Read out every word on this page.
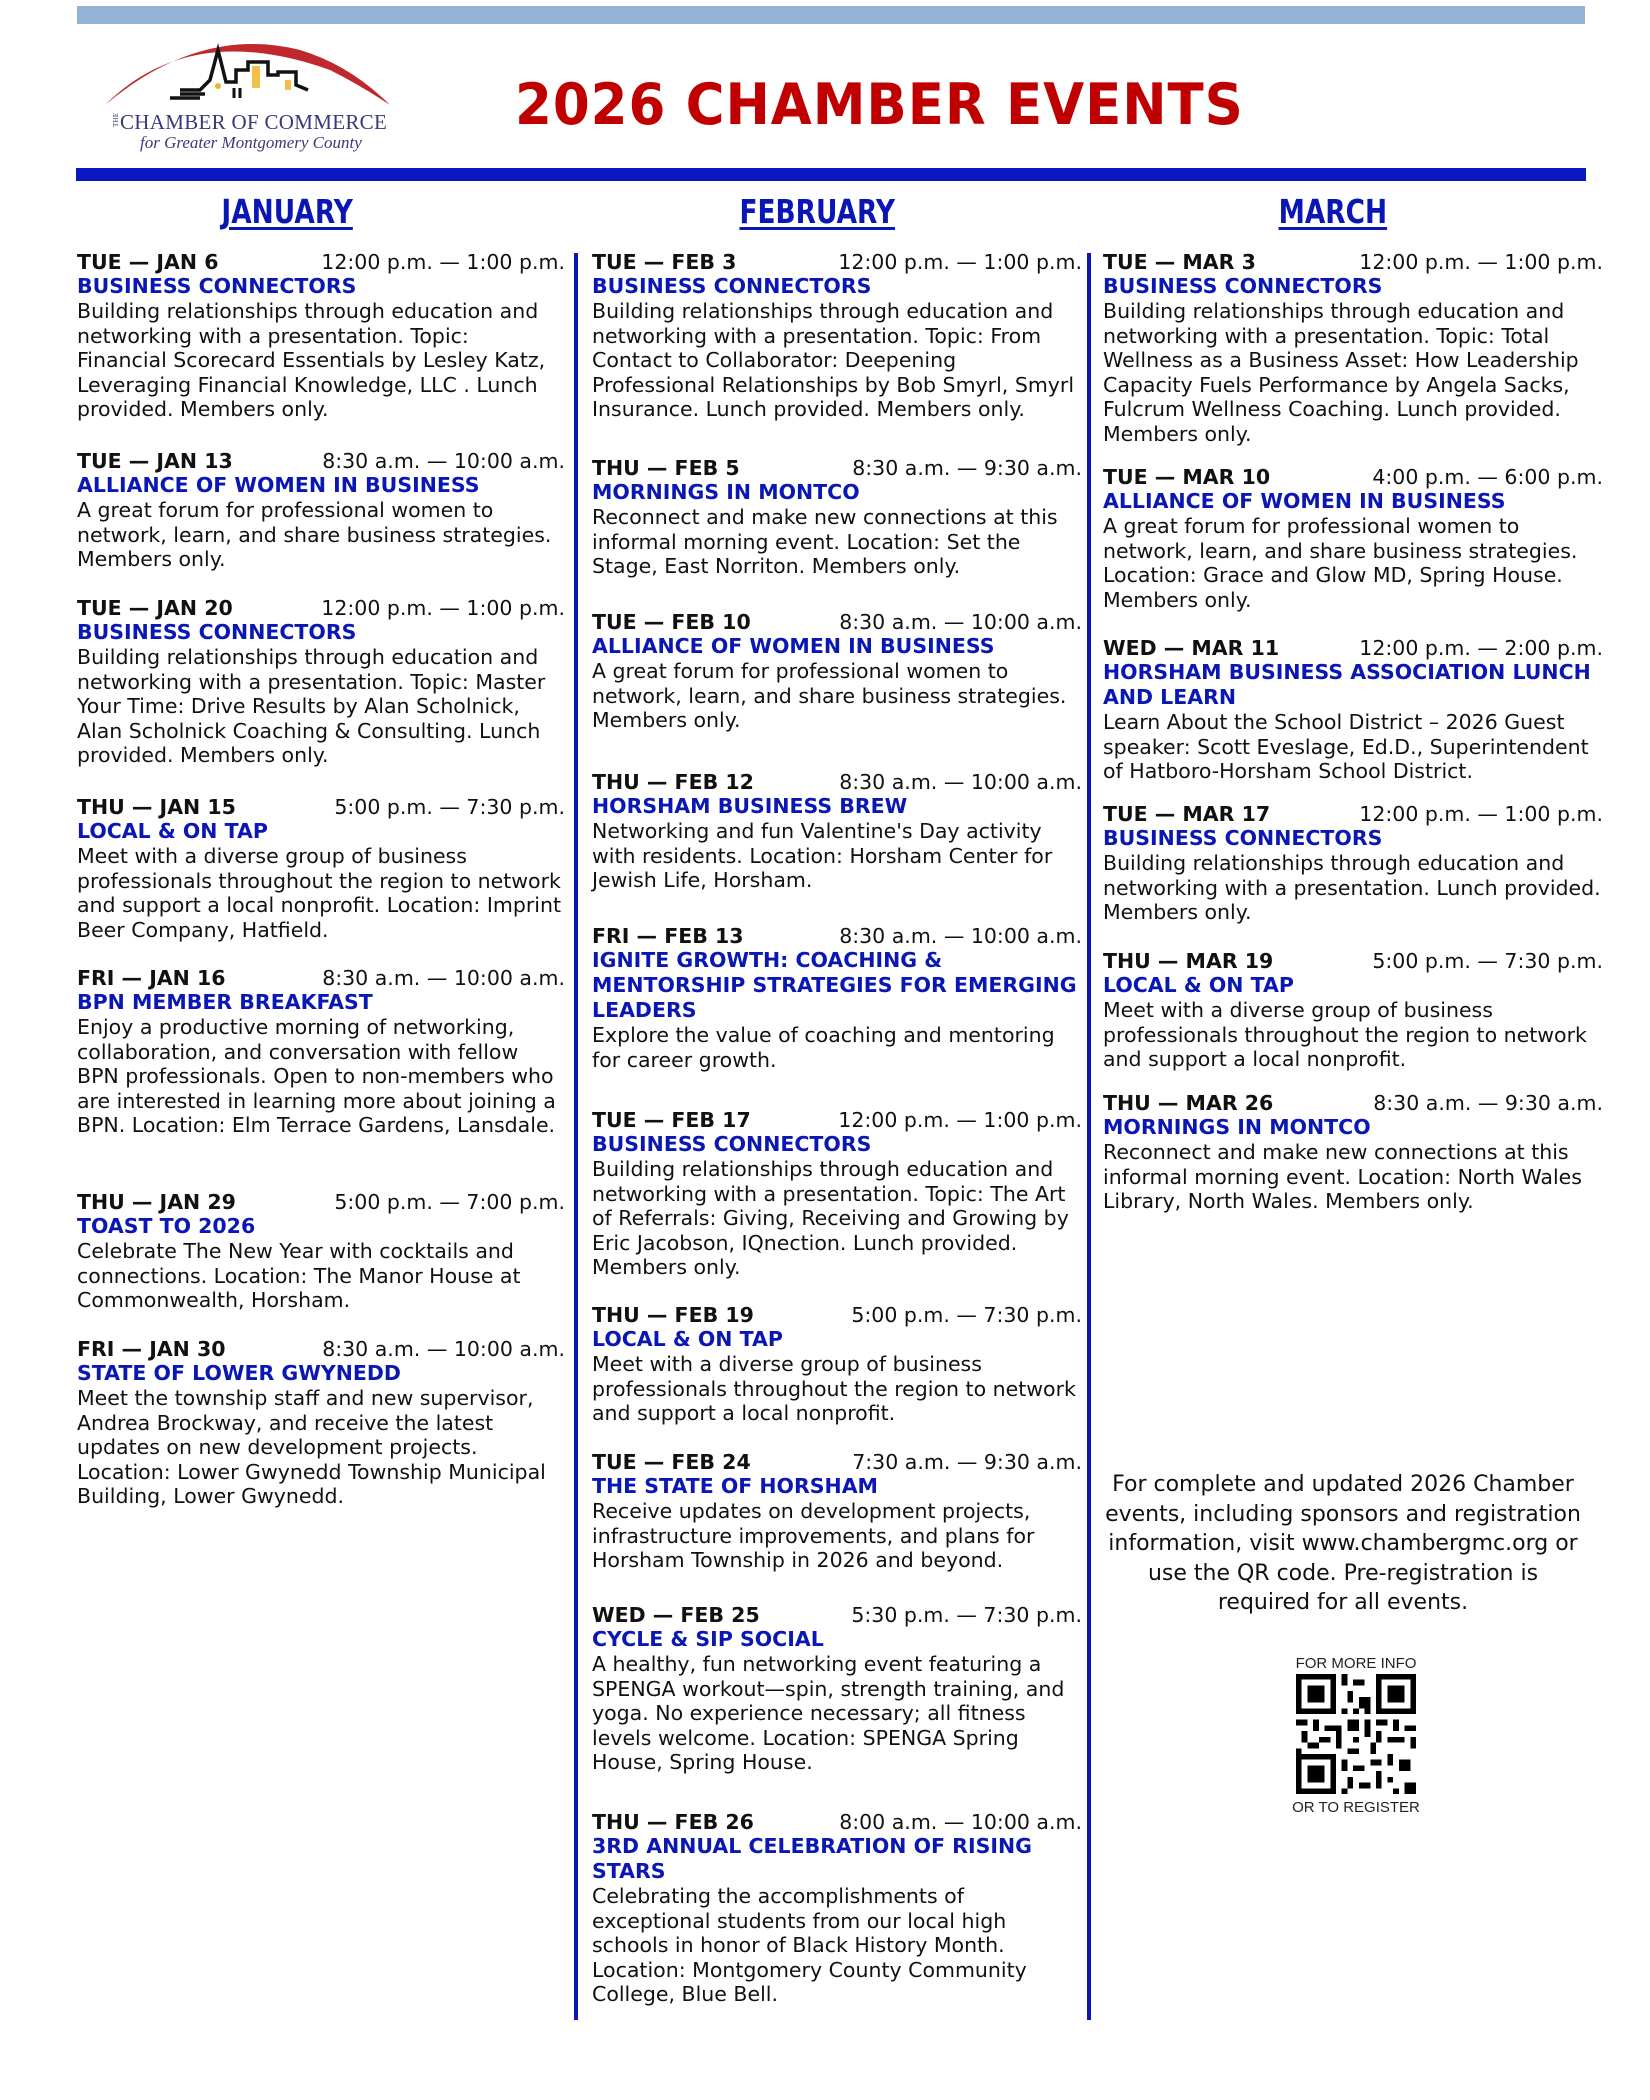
THECHAMBER OF COMMERCE
for Greater Montgomery County
2026 CHAMBER EVENTS
JANUARY	FEBRUARY	MARCH
TUE — JAN 6	12:00 p.m. — 1:00 p.m.
BUSINESS CONNECTORS
Building relationships through education and networking with a presentation. Topic: Financial Scorecard Essentials by Lesley Katz, Leveraging Financial Knowledge, LLC . Lunch provided. Members only.
TUE — JAN 13	8:30 a.m. — 10:00 a.m.
ALLIANCE OF WOMEN IN BUSINESS
A great forum for professional women to network, learn, and share business strategies. Members only.
TUE — JAN 20	12:00 p.m. — 1:00 p.m.
BUSINESS CONNECTORS
Building relationships through education and networking with a presentation. Topic: Master Your Time: Drive Results by Alan Scholnick, Alan Scholnick Coaching & Consulting. Lunch provided. Members only.
THU — JAN 15	5:00 p.m. — 7:30 p.m.
LOCAL & ON TAP
Meet with a diverse group of business professionals throughout the region to network and support a local nonprofit. Location: Imprint Beer Company, Hatfield.
FRI — JAN 16	8:30 a.m. — 10:00 a.m.
BPN MEMBER BREAKFAST
Enjoy a productive morning of networking, collaboration, and conversation with fellow BPN professionals. Open to non-members who are interested in learning more about joining a BPN. Location: Elm Terrace Gardens, Lansdale.
THU — JAN 29	5:00 p.m. — 7:00 p.m.
TOAST TO 2026
Celebrate The New Year with cocktails and connections. Location: The Manor House at Commonwealth, Horsham.
FRI — JAN 30	8:30 a.m. — 10:00 a.m.
STATE OF LOWER GWYNEDD
Meet the township staff and new supervisor, Andrea Brockway, and receive the latest updates on new development projects. Location: Lower Gwynedd Township Municipal Building, Lower Gwynedd.
TUE — FEB 3	12:00 p.m. — 1:00 p.m.
BUSINESS CONNECTORS
Building relationships through education and networking with a presentation. Topic: From Contact to Collaborator: Deepening Professional Relationships by Bob Smyrl, Smyrl Insurance. Lunch provided. Members only.
THU — FEB 5	8:30 a.m. — 9:30 a.m.
MORNINGS IN MONTCO
Reconnect and make new connections at this informal morning event. Location: Set the Stage, East Norriton. Members only.
TUE — FEB 10	8:30 a.m. — 10:00 a.m.
ALLIANCE OF WOMEN IN BUSINESS
A great forum for professional women to network, learn, and share business strategies. Members only.
THU — FEB 12	8:30 a.m. — 10:00 a.m.
HORSHAM BUSINESS BREW
Networking and fun Valentine's Day activity with residents. Location: Horsham Center for Jewish Life, Horsham.
FRI — FEB 13	8:30 a.m. — 10:00 a.m.
IGNITE GROWTH: COACHING & MENTORSHIP STRATEGIES FOR EMERGING LEADERS
Explore the value of coaching and mentoring for career growth.
TUE — FEB 17	12:00 p.m. — 1:00 p.m.
BUSINESS CONNECTORS
Building relationships through education and networking with a presentation. Topic: The Art of Referrals: Giving, Receiving and Growing by Eric Jacobson, IQnection. Lunch provided. Members only.
THU — FEB 19	5:00 p.m. — 7:30 p.m.
LOCAL & ON TAP
Meet with a diverse group of business professionals throughout the region to network and support a local nonprofit.
TUE — FEB 24	7:30 a.m. — 9:30 a.m.
THE STATE OF HORSHAM
Receive updates on development projects, infrastructure improvements, and plans for Horsham Township in 2026 and beyond.
WED — FEB 25	5:30 p.m. — 7:30 p.m.
CYCLE & SIP SOCIAL
A healthy, fun networking event featuring a SPENGA workout—spin, strength training, and yoga. No experience necessary; all fitness levels welcome. Location: SPENGA Spring House, Spring House.
THU — FEB 26	8:00 a.m. — 10:00 a.m.
3RD ANNUAL CELEBRATION OF RISING STARS
Celebrating the accomplishments of exceptional students from our local high schools in honor of Black History Month. Location: Montgomery County Community College, Blue Bell.
TUE — MAR 3	12:00 p.m. — 1:00 p.m.
BUSINESS CONNECTORS
Building relationships through education and networking with a presentation. Topic: Total Wellness as a Business Asset: How Leadership Capacity Fuels Performance by Angela Sacks, Fulcrum Wellness Coaching. Lunch provided. Members only.
TUE — MAR 10	4:00 p.m. — 6:00 p.m.
ALLIANCE OF WOMEN IN BUSINESS
A great forum for professional women to network, learn, and share business strategies. Location: Grace and Glow MD, Spring House. Members only.
WED — MAR 11	12:00 p.m. — 2:00 p.m.
HORSHAM BUSINESS ASSOCIATION LUNCH AND LEARN
Learn About the School District – 2026 Guest speaker: Scott Eveslage, Ed.D., Superintendent of Hatboro-Horsham School District.
TUE — MAR 17	12:00 p.m. — 1:00 p.m.
BUSINESS CONNECTORS
Building relationships through education and networking with a presentation. Lunch provided. Members only.
THU — MAR 19	5:00 p.m. — 7:30 p.m.
LOCAL & ON TAP
Meet with a diverse group of business professionals throughout the region to network and support a local nonprofit.
THU — MAR 26	8:30 a.m. — 9:30 a.m.
MORNINGS IN MONTCO
Reconnect and make new connections at this informal morning event. Location: North Wales Library, North Wales. Members only.
For complete and updated 2026 Chamber events, including sponsors and registration information, visit www.chambergmc.org or use the QR code. Pre-registration is required for all events.
FOR MORE INFO
OR TO REGISTER
